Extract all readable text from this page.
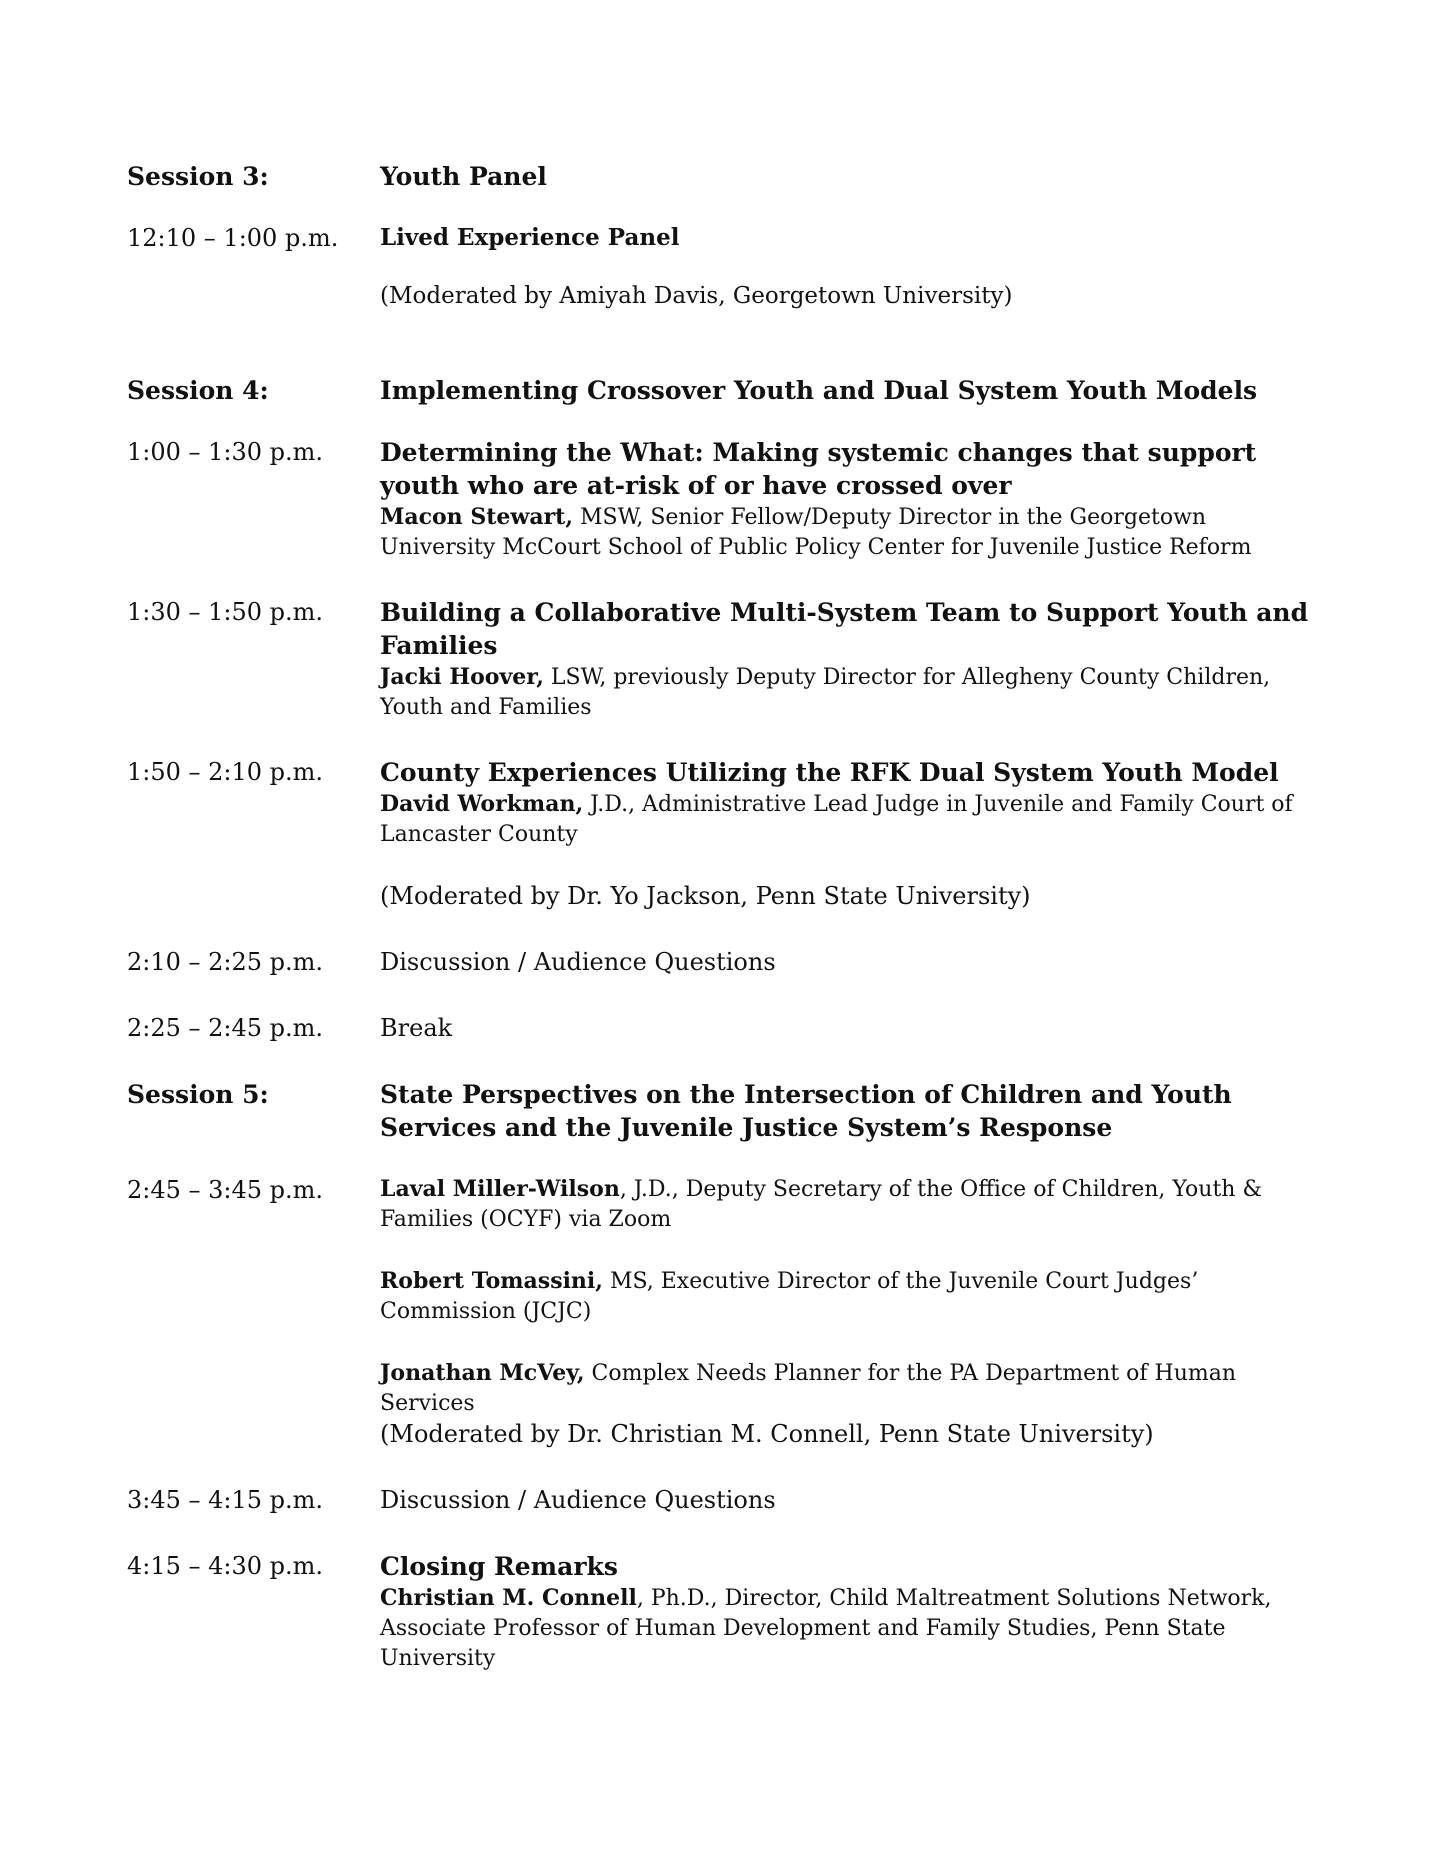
Session 3:	Youth Panel
12:10 – 1:00 p.m. Lived Experience Panel
(Moderated by Amiyah Davis, Georgetown University)
Session 4:	Implementing Crossover Youth and Dual System Youth Models
1:00 – 1:30 p.m. Determining the What: Making systemic changes that support youth who are at-risk of or have crossed over
Macon Stewart, MSW, Senior Fellow/Deputy Director in the Georgetown University McCourt School of Public Policy Center for Juvenile Justice Reform
1:30 – 1:50 p.m. Building a Collaborative Multi-System Team to Support Youth and Families
Jacki Hoover, LSW, previously Deputy Director for Allegheny County Children, Youth and Families
1:50 – 2:10 p.m. County Experiences Utilizing the RFK Dual System Youth Model
David Workman, J.D., Administrative Lead Judge in Juvenile and Family Court of Lancaster County
(Moderated by Dr. Yo Jackson, Penn State University)
2:10 – 2:25 p.m. Discussion / Audience Questions
2:25 – 2:45 p.m. Break
Session 5:	State Perspectives on the Intersection of Children and Youth Services and the Juvenile Justice System’s Response
2:45 – 3:45 p.m.	Laval Miller-Wilson, J.D., Deputy Secretary of the Office of Children, Youth & Families (OCYF) via Zoom
Robert Tomassini, MS, Executive Director of the Juvenile Court Judges’ Commission (JCJC)
Jonathan McVey, Complex Needs Planner for the PA Department of Human Services
(Moderated by Dr. Christian M. Connell, Penn State University)
3:45 – 4:15 p.m. Discussion / Audience Questions
4:15 – 4:30 p.m. Closing Remarks
Christian M. Connell, Ph.D., Director, Child Maltreatment Solutions Network, Associate Professor of Human Development and Family Studies, Penn State University
